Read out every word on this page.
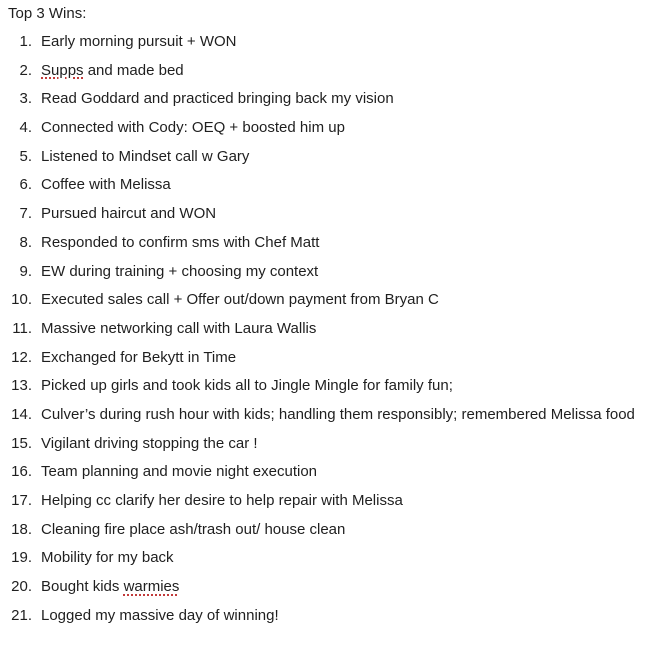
Top 3 Wins:
1. Early morning pursuit + WON
2. Supps and made bed
3. Read Goddard and practiced bringing back my vision
4. Connected with Cody: OEQ + boosted him up
5. Listened to Mindset call w Gary
6. Coffee with Melissa
7. Pursued haircut and WON
8. Responded to confirm sms with Chef Matt
9. EW during training + choosing my context
10. Executed sales call + Offer out/down payment from Bryan C
11. Massive networking call with Laura Wallis
12. Exchanged for Bekytt in Time
13. Picked up girls and took kids all to Jingle Mingle for family fun;
14. Culver’s during rush hour with kids; handling them responsibly; remembered Melissa food
15. Vigilant driving stopping the car !
16. Team planning and movie night execution
17. Helping cc clarify her desire to help repair with Melissa
18. Cleaning fire place ash/trash out/ house clean
19. Mobility for my back
20. Bought kids warmies
21. Logged my massive day of winning!
